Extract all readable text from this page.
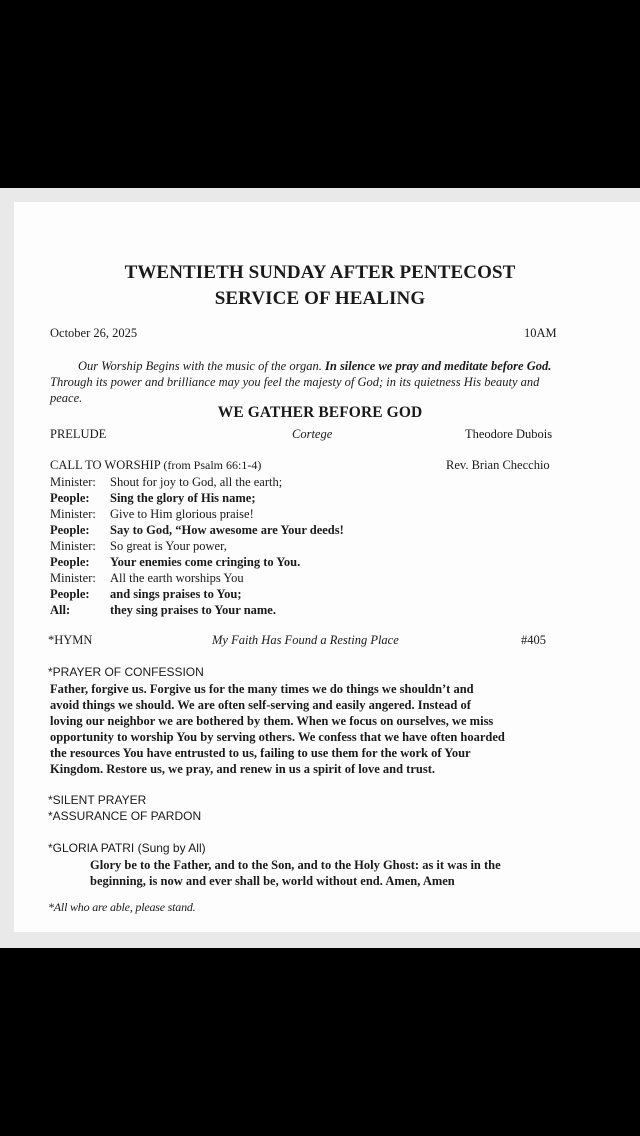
TWENTIETH SUNDAY AFTER PENTECOST
SERVICE OF HEALING
October 26, 2025	10AM
Our Worship Begins with the music of the organ. In silence we pray and meditate before God. Through its power and brilliance may you feel the majesty of God; in its quietness His beauty and peace.
WE GATHER BEFORE GOD
PRELUDE	Cortege	Theodore Dubois
CALL TO WORSHIP (from Psalm 66:1-4)	Rev. Brian Checchio
Minister: Shout for joy to God, all the earth;
People: Sing the glory of His name;
Minister: Give to Him glorious praise!
People: Say to God, “How awesome are Your deeds!
Minister: So great is Your power,
People: Your enemies come cringing to You.
Minister: All the earth worships You
People: and sings praises to You;
All:	they sing praises to Your name.
*HYMN	My Faith Has Found a Resting Place	#405
*PRAYER OF CONFESSION
Father, forgive us. Forgive us for the many times we do things we shouldn’t and
avoid things we should. We are often self-serving and easily angered. Instead of
loving our neighbor we are bothered by them. When we focus on ourselves, we miss
opportunity to worship You by serving others. We confess that we have often hoarded
the resources You have entrusted to us, failing to use them for the work of Your
Kingdom. Restore us, we pray, and renew in us a spirit of love and trust.
*SILENT PRAYER
*ASSURANCE OF PARDON
*GLORIA PATRI (Sung by All)
Glory be to the Father, and to the Son, and to the Holy Ghost: as it was in the
beginning, is now and ever shall be, world without end. Amen, Amen
*All who are able, please stand.
